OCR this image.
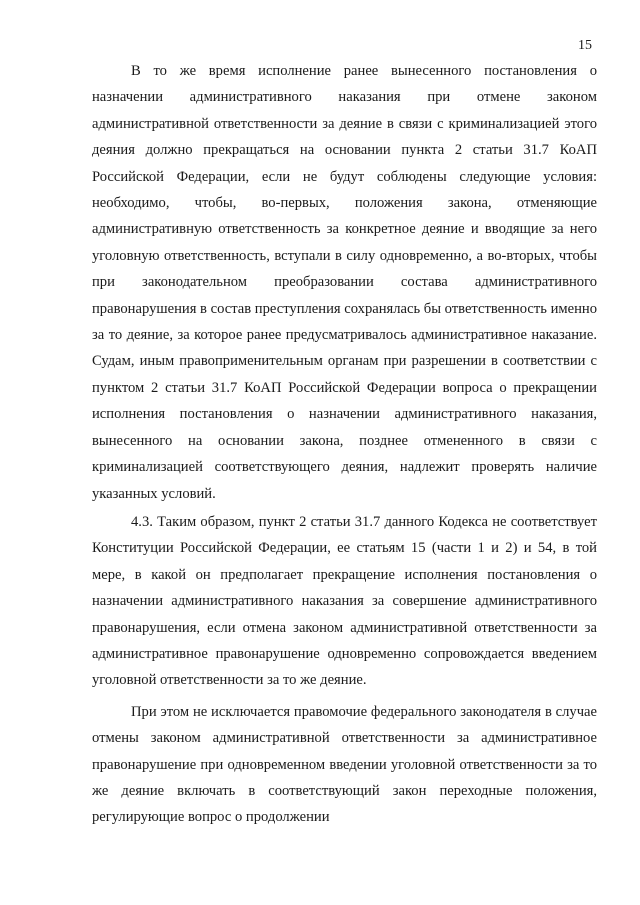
15

В то же время исполнение ранее вынесенного постановления о назначении административного наказания при отмене законом административной ответственности за деяние в связи с криминализацией этого деяния должно прекращаться на основании пункта 2 статьи 31.7 КоАП Российской Федерации, если не будут соблюдены следующие условия: необходимо, чтобы, во-первых, положения закона, отменяющие административную ответственность за конкретное деяние и вводящие за него уголовную ответственность, вступали в силу одновременно, а во-вторых, чтобы при законодательном преобразовании состава административного правонарушения в состав преступления сохранялась бы ответственность именно за то деяние, за которое ранее предусматривалось административное наказание. Судам, иным правоприменительным органам при разрешении в соответствии с пунктом 2 статьи 31.7 КоАП Российской Федерации вопроса о прекращении исполнения постановления о назначении административного наказания, вынесенного на основании закона, позднее отмененного в связи с криминализацией соответствующего деяния, надлежит проверять наличие указанных условий.

4.3. Таким образом, пункт 2 статьи 31.7 данного Кодекса не соответствует Конституции Российской Федерации, ее статьям 15 (части 1 и 2) и 54, в той мере, в какой он предполагает прекращение исполнения постановления о назначении административного наказания за совершение административного правонарушения, если отмена законом административной ответственности за административное правонарушение одновременно сопровождается введением уголовной ответственности за то же деяние.

При этом не исключается правомочие федерального законодателя в случае отмены законом административной ответственности за административное правонарушение при одновременном введении уголовной ответственности за то же деяние включать в соответствующий закон переходные положения, регулирующие вопрос о продолжении
